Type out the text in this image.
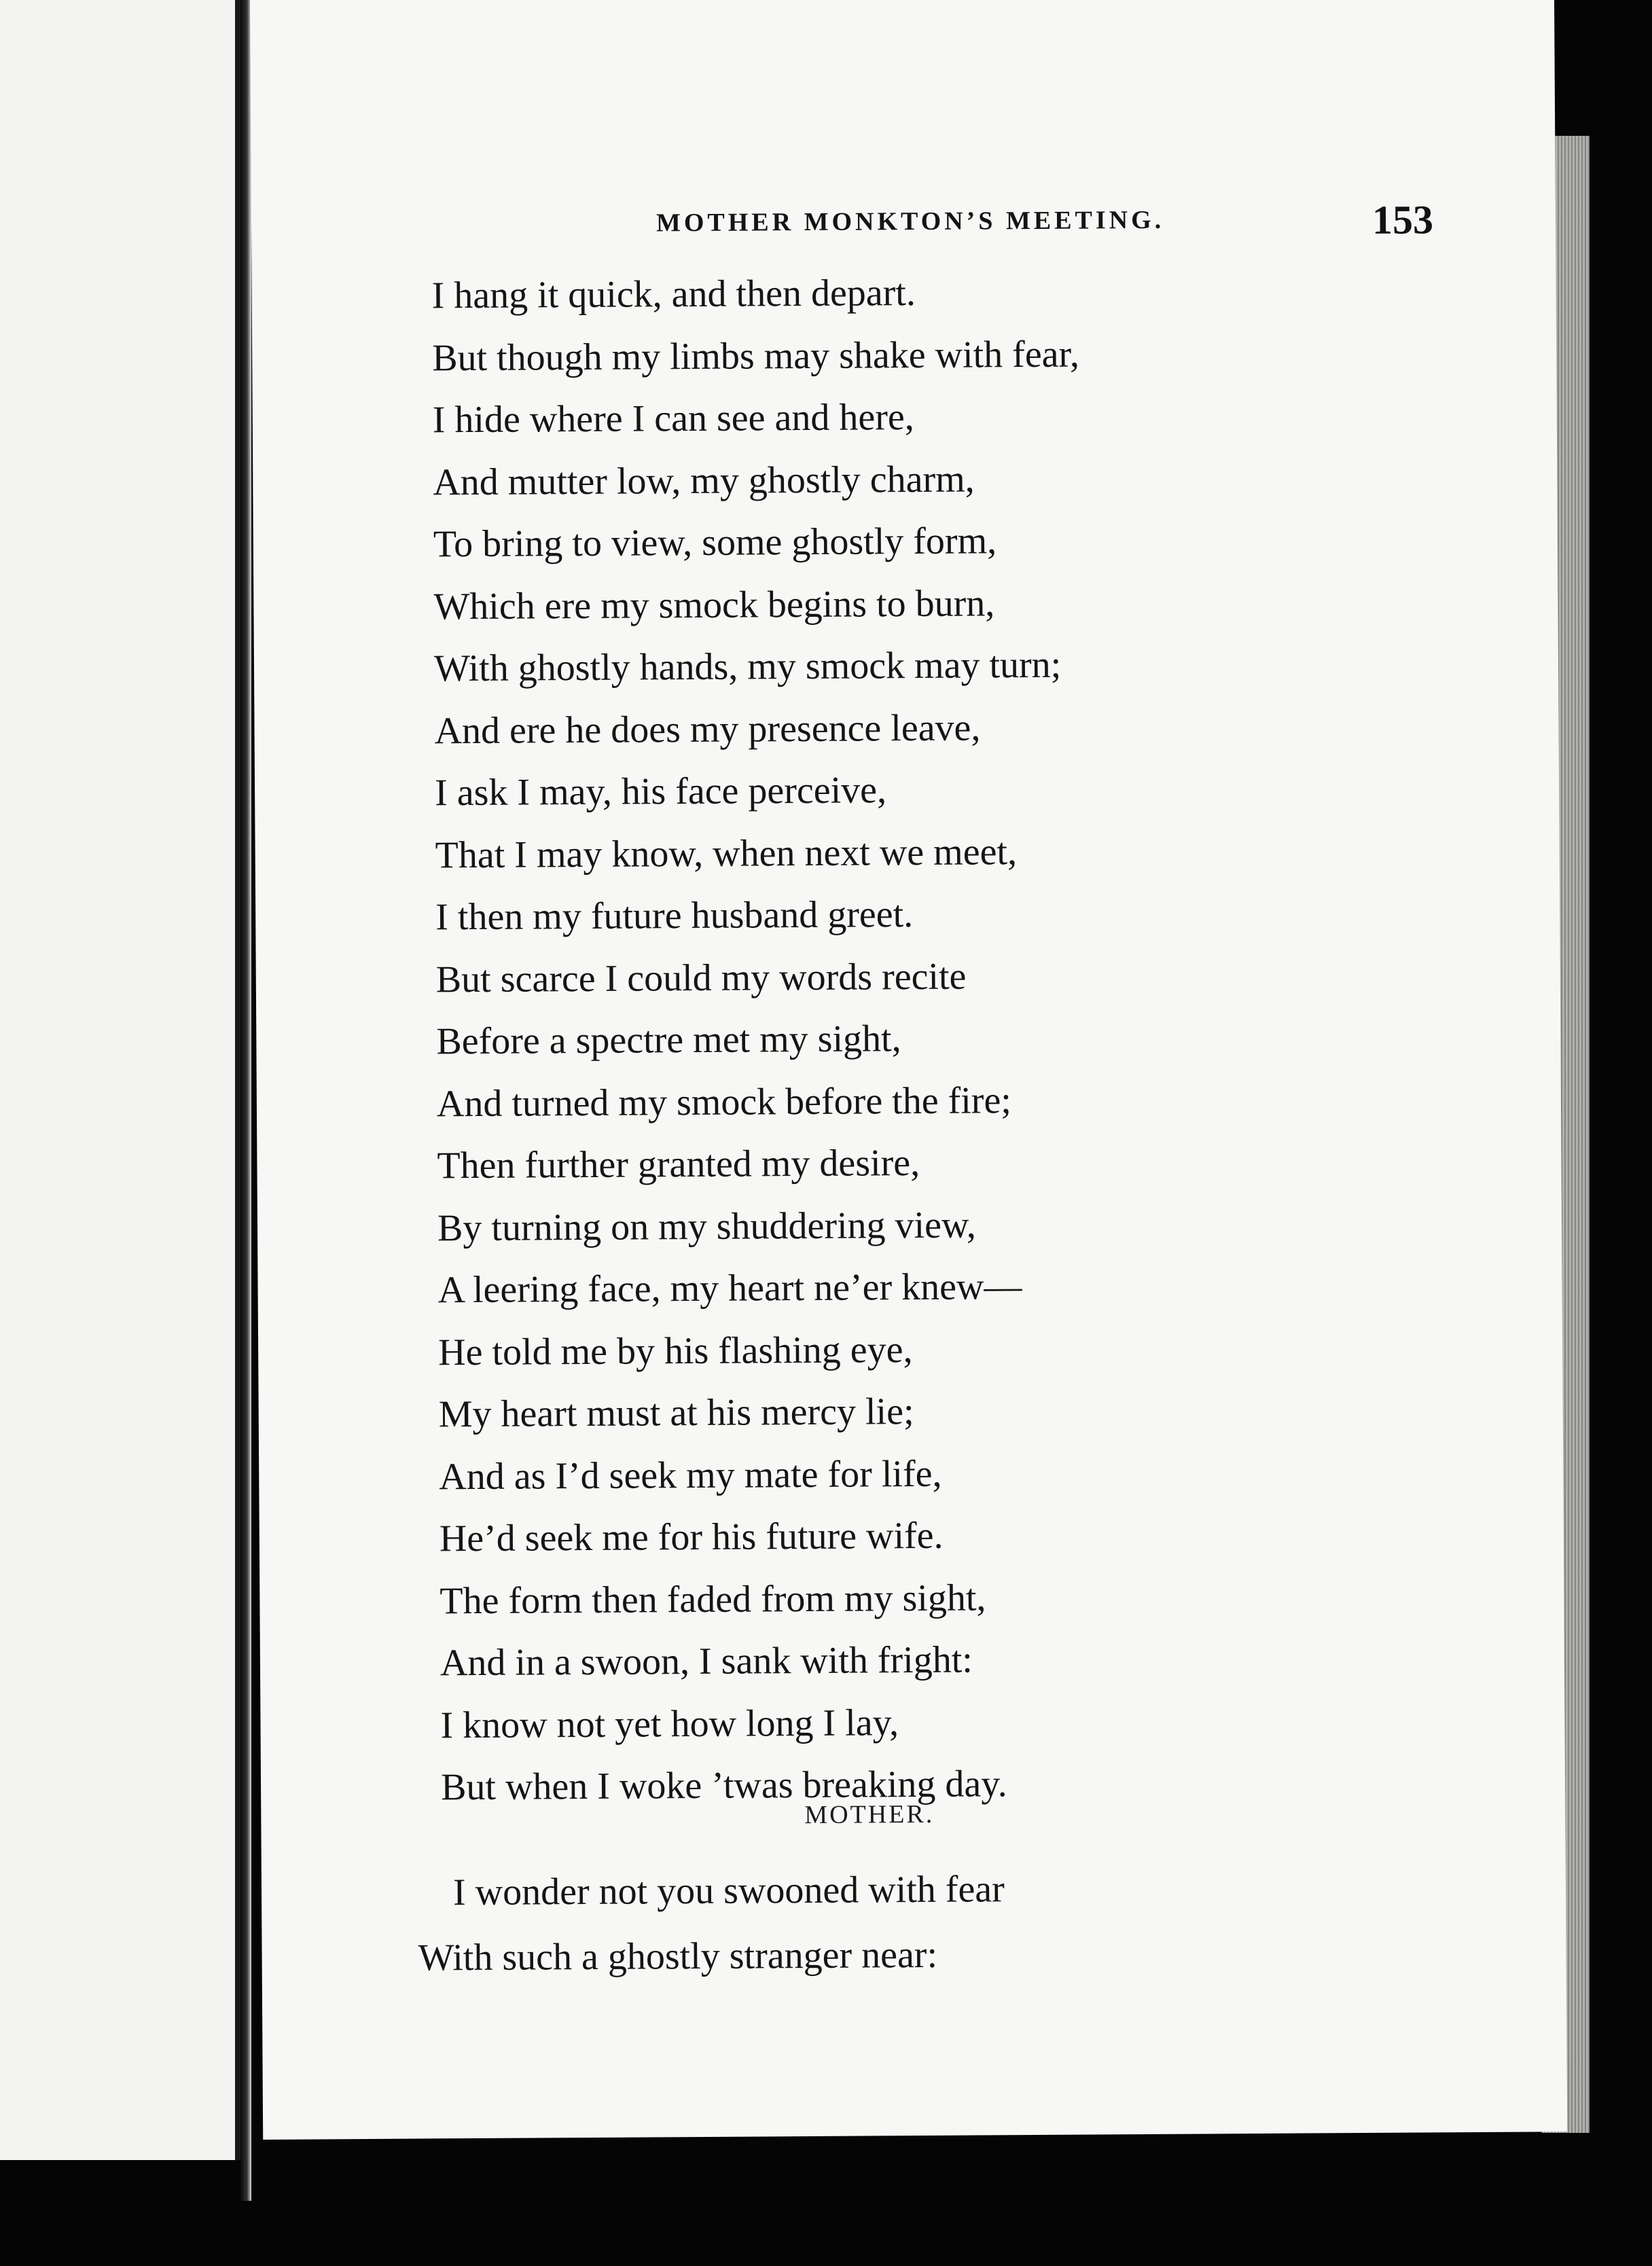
MOTHER MONKTON’S MEETING.	153
I hang it quick, and then depart.
But though my limbs may shake with fear,
I hide where I can see and here,
And mutter low, my ghostly charm,
To bring to view, some ghostly form,
Which ere my smock begins to burn,
With ghostly hands, my smock may turn;
And ere he does my presence leave,
I ask I may, his face perceive,
That I may know, when next we meet,
I then my future husband greet.
But scarce I could my words recite
Before a spectre met my sight,
And turned my smock before the fire;
Then further granted my desire,
By turning on my shuddering view,
A leering face, my heart ne’er knew—
He told me by his flashing eye,
My heart must at his mercy lie;
And as I’d seek my mate for life,
He’d seek me for his future wife.
The form then faded from my sight,
And in a swoon, I sank with fright:
I know not yet how long I lay,
But when I woke ’twas breaking day.
MOTHER.
I wonder not you swooned with fear
With such a ghostly stranger near:
